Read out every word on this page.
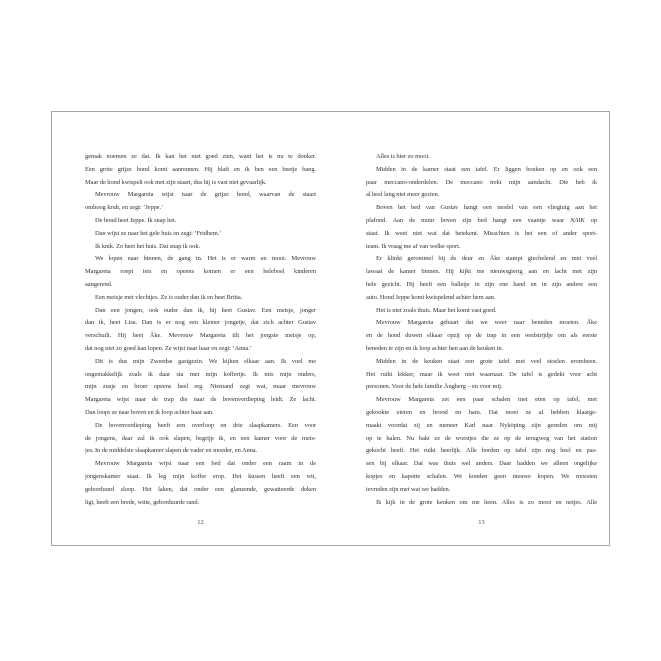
gemak noemen ze dat. Ik kan het niet goed zien, want het is nu te donker.
Een grote grijze hond komt aanrennen. Hij blaft en ik ben een beetje bang.
Maar de hond kwispelt ook met zijn staart, dus hij is vast niet gevaarlijk.
Mevrouw Margareta wijst naar de grijze hond, waarvan de staart
omhoog krult, en zegt: ‘Jeppe.’
De hond heet Jeppe. Ik snap het.
Dan wijst ze naar het gele huis en zegt: ‘Fridhem.’
Ik knik. Zo heet het huis. Dat snap ik ook.
We lopen naar binnen, de gang in. Het is er warm en mooi. Mevrouw
Margareta roept iets en opeens komen er een heleboel kinderen
aangerend.
Een meisje met vlechtjes. Ze is ouder dan ik en heet Britta.
Dan een jongen, ook ouder dan ik, hij heet Gustav. Een meisje, jonger
dan ik, heet Lisa. Dan is er nog een kleiner jongetje, dat zich achter Gustav
verschuilt. Hij heet Åke. Mevrouw Margareta tilt het jongste meisje op,
dat nog niet zo goed kan lopen. Ze wijst naar haar en zegt: ‘Anna.’
Dit is dus mijn Zweedse gastgezin. We kijken elkaar aan. Ik voel me
ongemakkelijk zoals ik daar sta met mijn koffertje. Ik mis mijn ouders,
mijn zusje en broer opeens heel erg. Niemand zegt wat, maar mevrouw
Margareta wijst naar de trap die naar de bovenverdieping leidt. Ze lacht.
Dan loopt ze naar boven en ik loop achter haar aan.
De bovenverdieping heeft een overloop en drie slaapkamers. Een voor
de jongens, daar zal ik ook slapen, begrijp ik, en een kamer voor de meis-
jes. In de middelste slaapkamer slapen de vader en moeder, en Anna.
Mevrouw Margareta wijst naar een bed dat onder een raam in de
jongenskamer staat. Ik leg mijn koffer erop. Het kussen heeft een wit,
geborduurd sloop. Het laken, dat onder een glanzende, gewatteerde deken
ligt, heeft een brede, witte, geborduurde rand.
12
Alles is hier zo mooi.
Midden in de kamer staat een tafel. Er liggen boeken op en ook een
paar meccano-onderdelen. De meccano trekt mijn aandacht. Die heb ik
al heel lang niet meer gezien.
Boven het bed van Gustav hangt een model van een vliegtuig aan het
plafond. Aan de muur boven zijn bed hangt een vaantje waar NAIK op
staat. Ik weet niet wat dat betekent. Misschien is het een of ander sport-
team. Ik vraag me af van welke sport.
Er klinkt gerommel bij de deur en Åke stampt giechelend en met veel
lawaai de kamer binnen. Hij kijkt me nieuwsgierig aan en lacht met zijn
hele gezicht. Hij heeft een balletje in zijn ene hand en in zijn andere een
auto. Hond Jeppe komt kwispelend achter hem aan.
Het is niet zoals thuis. Maar het komt vast goed.
Mevrouw Margareta gebaart dat we weer naar beneden moeten. Åke
en de hond duwen elkaar opzij op de trap in een wedstrijdje om als eerste
beneden te zijn en ik loop achter hen aan de keuken in.
Midden in de keuken staat een grote tafel met veel stoelen eromheen.
Het ruikt lekker, maar ik weet niet waarnaar. De tafel is gedekt voor acht
personen. Voor de hele familie Ängberg – en voor mij.
Mevrouw Margareta zet een paar schalen met eten op tafel, met
gekookte eieren en brood en ham. Dat moet ze al hebben klaarge-
maakt voordat zij en meneer Karl naar Nyköping zijn gereden om mij
op te halen. Nu bakt ze de worstjes die ze op de terugweg van het station
gekocht heeft. Het ruikt heerlijk. Alle borden op tafel zijn nog heel en pas-
sen bij elkaar. Dat was thuis wel anders. Daar hadden we alleen ongelijke
kopjes en kapotte schalen. We konden geen nieuwe kopen. We moesten
tevreden zijn met wat we hadden.
Ik kijk in de grote keuken om me heen. Alles is zo mooi en netjes. Alle
13
